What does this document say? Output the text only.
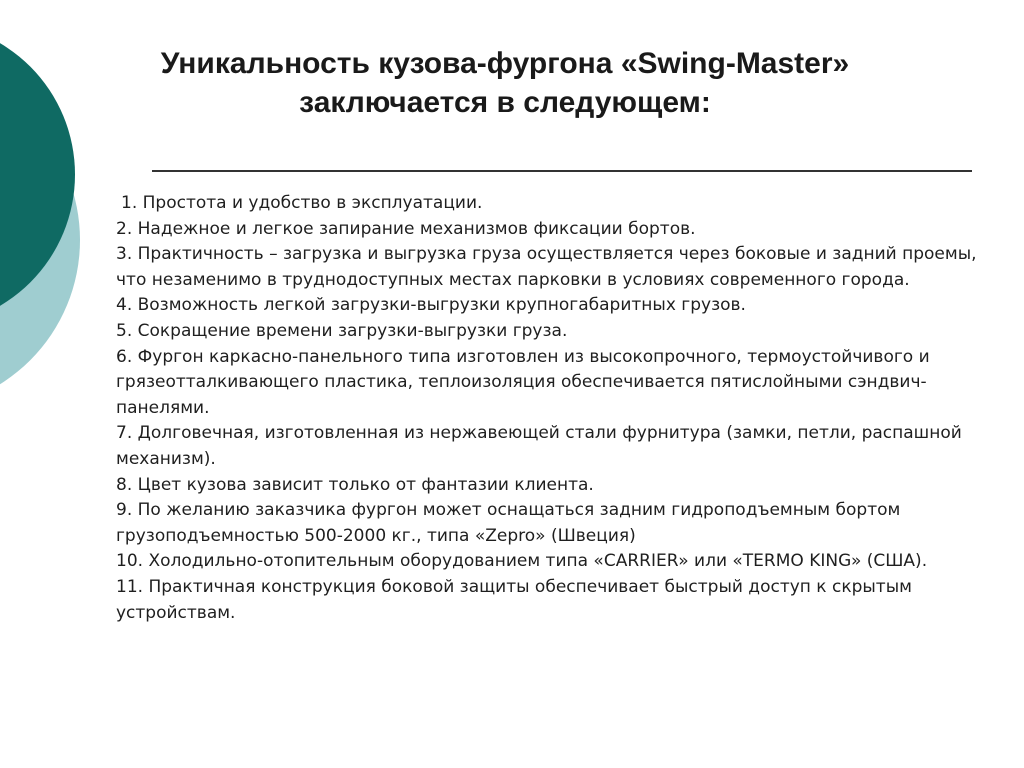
Уникальность кузова-фургона «Swing-Master» заключается в следующем:
1. Простота и удобство в эксплуатации.
2. Надежное и легкое запирание механизмов фиксации бортов.
3. Практичность – загрузка и выгрузка груза осуществляется через боковые и задний проемы, что незаменимо в труднодоступных местах парковки в условиях современного города.
4. Возможность легкой загрузки-выгрузки крупногабаритных грузов.
5. Сокращение времени загрузки-выгрузки груза.
6. Фургон каркасно-панельного типа изготовлен из высокопрочного, термоустойчивого и грязеотталкивающего пластика, теплоизоляция обеспечивается пятислойными сэндвич-панелями.
7. Долговечная, изготовленная из нержавеющей стали фурнитура (замки, петли, распашной механизм).
8. Цвет кузова зависит только от фантазии клиента.
9. По желанию заказчика фургон может оснащаться задним гидроподъемным бортом грузоподъемностью 500-2000 кг., типа «Zepro» (Швеция)
10. Холодильно-отопительным оборудованием типа «CARRIER» или «TERMO KING» (США).
11. Практичная конструкция боковой защиты обеспечивает быстрый доступ к скрытым устройствам.
